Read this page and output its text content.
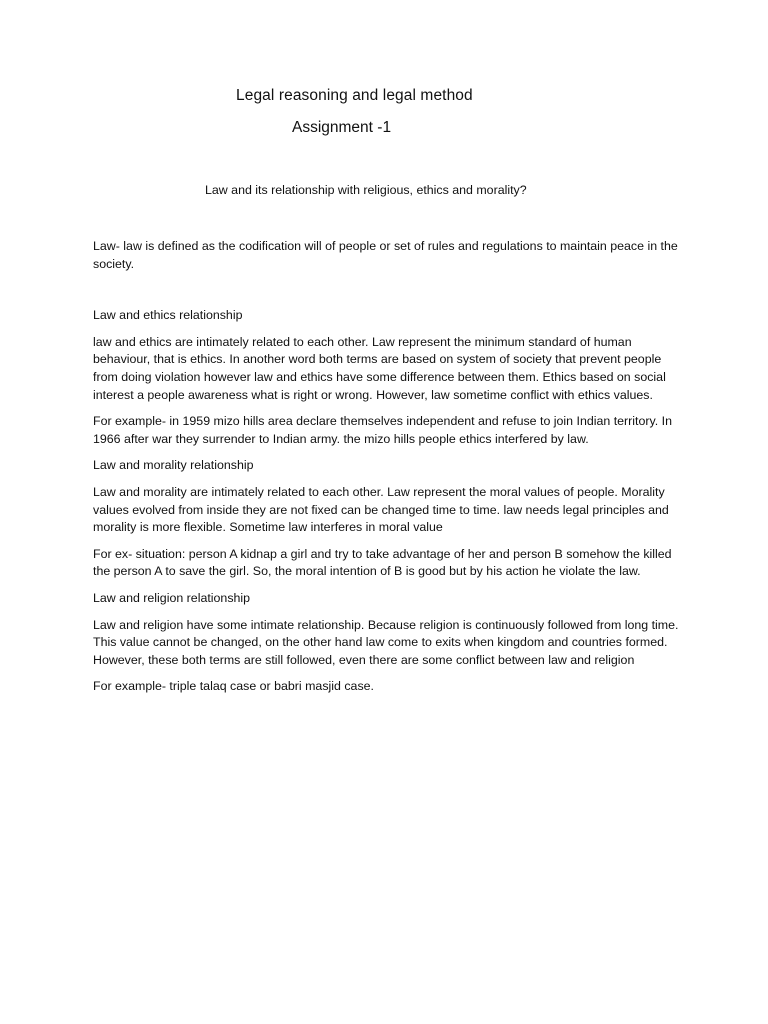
Legal reasoning and legal method
Assignment -1
Law and its relationship with religious, ethics and morality?

Law- law is defined as the codification will of people or set of rules and regulations to maintain peace in the society.

Law and ethics relationship

law and ethics are intimately related to each other. Law represent the minimum standard of human behaviour, that is ethics. In another word both terms are based on system of society that prevent people from doing violation however law and ethics have some difference between them. Ethics based on social interest a people awareness what is right or wrong. However, law sometime conflict with ethics values.

For example- in 1959 mizo hills area declare themselves independent and refuse to join Indian territory. In 1966 after war they surrender to Indian army. the mizo hills people ethics interfered by law.

Law and morality relationship

Law and morality are intimately related to each other. Law represent the moral values of people. Morality values evolved from inside they are not fixed can be changed time to time. law needs legal principles and morality is more flexible. Sometime law interferes in moral value

For ex- situation: person A kidnap a girl and try to take advantage of her and person B somehow the killed the person A to save the girl. So, the moral intention of B is good but by his action he violate the law.

Law and religion relationship

Law and religion have some intimate relationship. Because religion is continuously followed from long time. This value cannot be changed, on the other hand law come to exits when kingdom and countries formed. However, these both terms are still followed, even there are some conflict between law and religion

For example- triple talaq case or babri masjid case.
